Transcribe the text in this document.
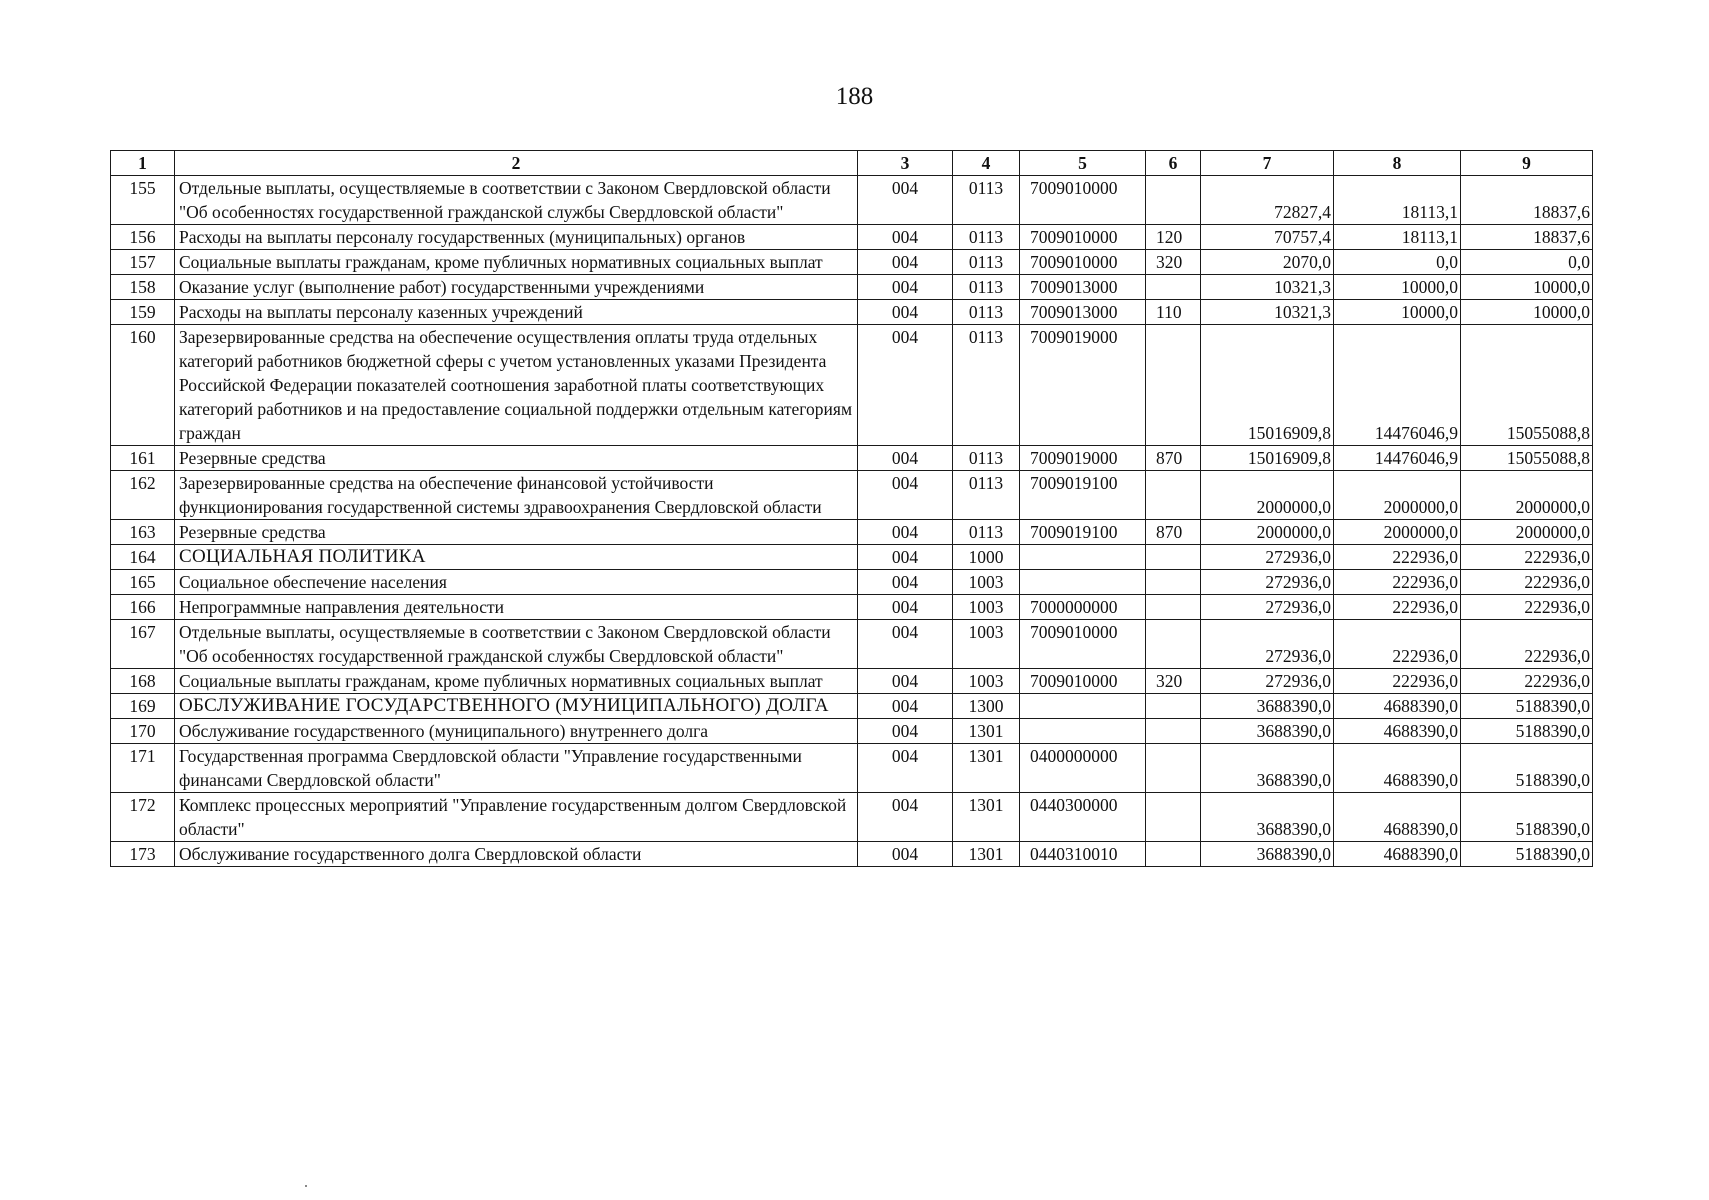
188
1	2	3	4	5	6	7	8	9
155	Отдельные выплаты, осуществляемые в соответствии с Законом Свердловской области "Об особенностях государственной гражданской службы Свердловской области"	004	0113	7009010000		72827,4	18113,1	18837,6
156	Расходы на выплаты персоналу государственных (муниципальных) органов	004	0113	7009010000	120	70757,4	18113,1	18837,6
157	Социальные выплаты гражданам, кроме публичных нормативных социальных выплат	004	0113	7009010000	320	2070,0	0,0	0,0
158	Оказание услуг (выполнение работ) государственными учреждениями	004	0113	7009013000		10321,3	10000,0	10000,0
159	Расходы на выплаты персоналу казенных учреждений	004	0113	7009013000	110	10321,3	10000,0	10000,0
160	Зарезервированные средства на обеспечение осуществления оплаты труда отдельных категорий работников бюджетной сферы с учетом установленных указами Президента Российской Федерации показателей соотношения заработной платы соответствующих категорий работников и на предоставление социальной поддержки отдельным категориям граждан	004	0113	7009019000		15016909,8	14476046,9	15055088,8
161	Резервные средства	004	0113	7009019000	870	15016909,8	14476046,9	15055088,8
162	Зарезервированные средства на обеспечение финансовой устойчивости функционирования государственной системы здравоохранения Свердловской области	004	0113	7009019100		2000000,0	2000000,0	2000000,0
163	Резервные средства	004	0113	7009019100	870	2000000,0	2000000,0	2000000,0
164	СОЦИАЛЬНАЯ ПОЛИТИКА	004	1000			272936,0	222936,0	222936,0
165	Социальное обеспечение населения	004	1003			272936,0	222936,0	222936,0
166	Непрограммные направления деятельности	004	1003	7000000000		272936,0	222936,0	222936,0
167	Отдельные выплаты, осуществляемые в соответствии с Законом Свердловской области "Об особенностях государственной гражданской службы Свердловской области"	004	1003	7009010000		272936,0	222936,0	222936,0
168	Социальные выплаты гражданам, кроме публичных нормативных социальных выплат	004	1003	7009010000	320	272936,0	222936,0	222936,0
169	ОБСЛУЖИВАНИЕ ГОСУДАРСТВЕННОГО (МУНИЦИПАЛЬНОГО) ДОЛГА	004	1300			3688390,0	4688390,0	5188390,0
170	Обслуживание государственного (муниципального) внутреннего долга	004	1301			3688390,0	4688390,0	5188390,0
171	Государственная программа Свердловской области "Управление государственными финансами Свердловской области"	004	1301	0400000000		3688390,0	4688390,0	5188390,0
172	Комплекс процессных мероприятий "Управление государственным долгом Свердловской области"	004	1301	0440300000		3688390,0	4688390,0	5188390,0
173	Обслуживание государственного долга Свердловской области	004	1301	0440310010		3688390,0	4688390,0	5188390,0
